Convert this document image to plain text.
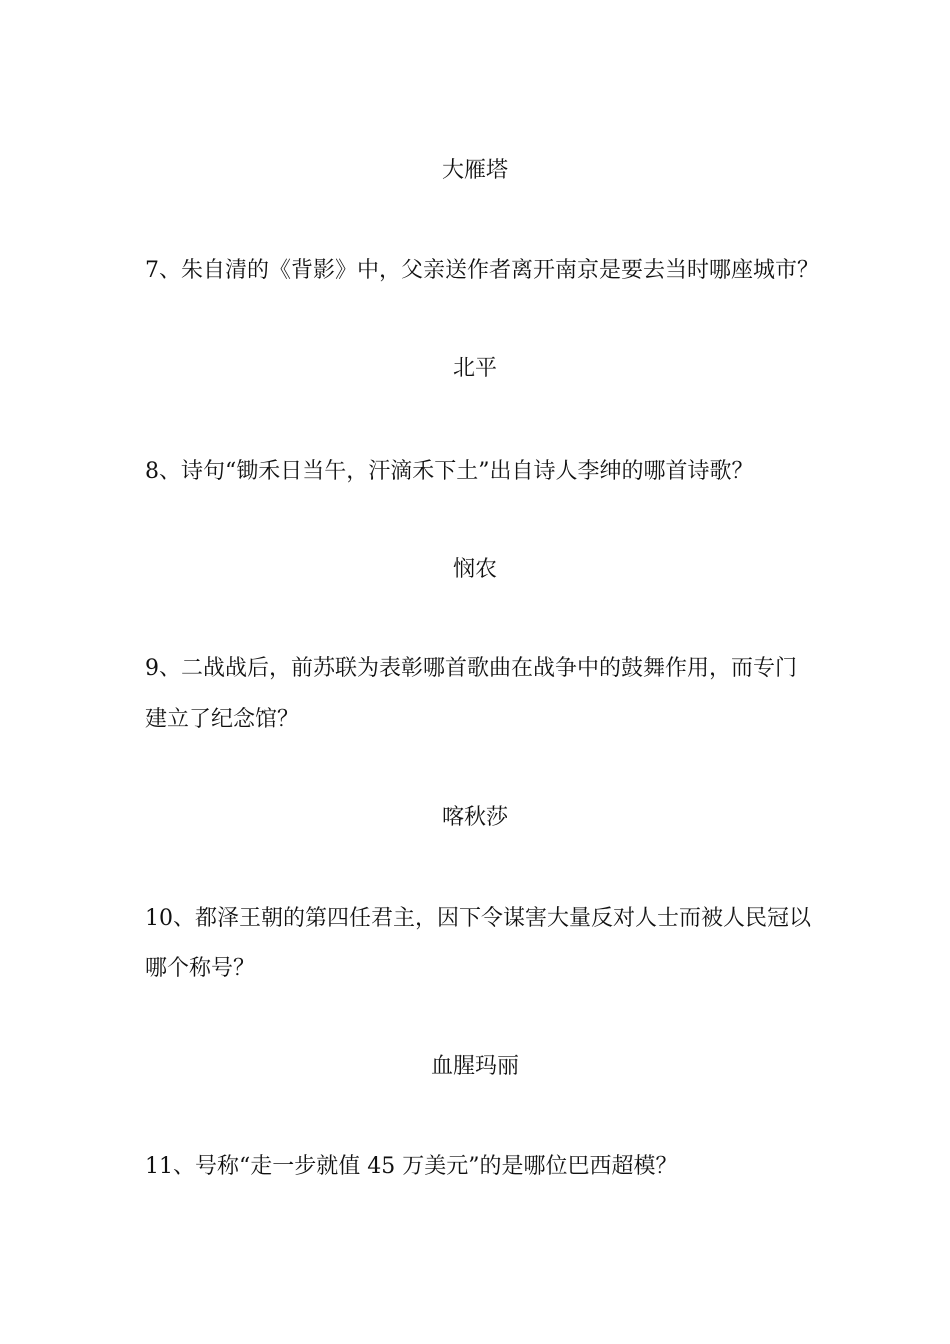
大雁塔
7、朱自清的《背影》中，父亲送作者离开南京是要去当时哪座城市？
北平
8、诗句“锄禾日当午，汗滴禾下土”出自诗人李绅的哪首诗歌？
悯农
9、二战战后，前苏联为表彰哪首歌曲在战争中的鼓舞作用，而专门
建立了纪念馆？
喀秋莎
10、都泽王朝的第四任君主，因下令谋害大量反对人士而被人民冠以
哪个称号？
血腥玛丽
11、号称“走一步就值 45 万美元”的是哪位巴西超模？
